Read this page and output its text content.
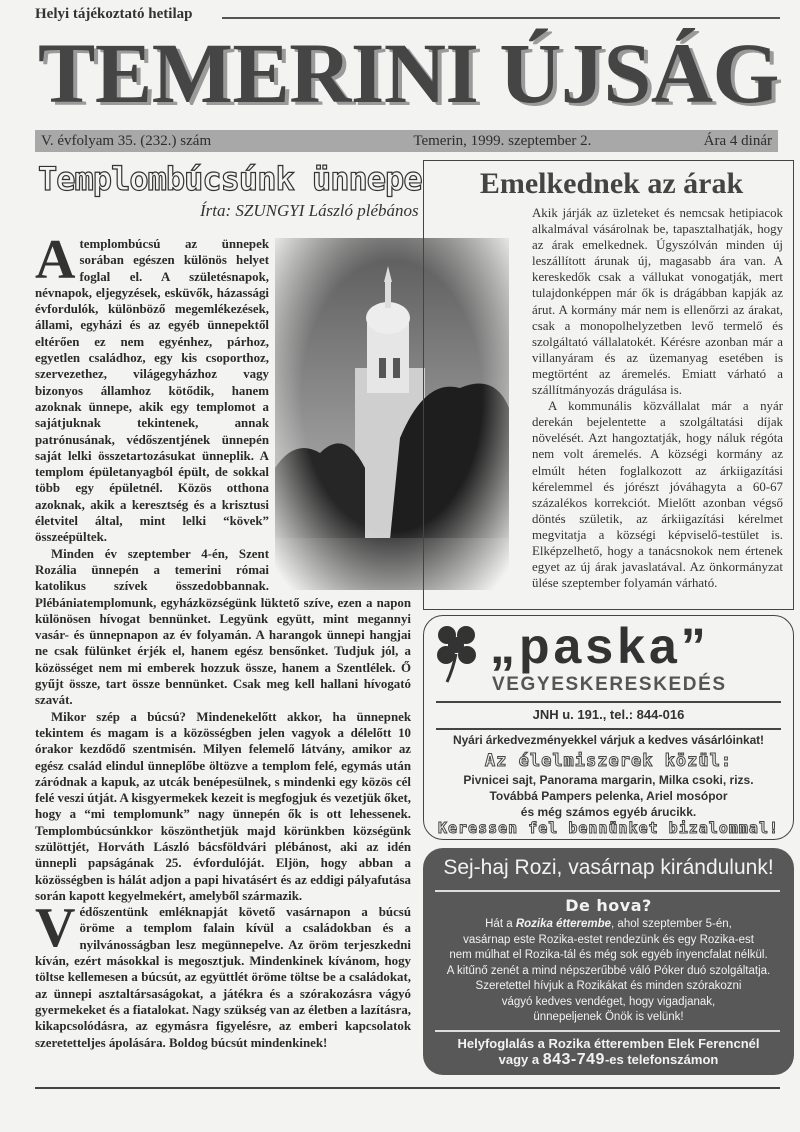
Helyi tájékoztató hetilap
TEMERINI ÚJSÁG
V. évfolyam 35. (232.) szám	Temerin, 1999. szeptember 2.	Ára 4 dinár
Templombúcsúnk ünnepe
Írta: SZUNGYI László plébános

Atemplombúcsú az ünnepek sorában egészen különös helyet foglal el. A születésnapok, névnapok, eljegyzések, esküvők, házassági évfordulók, különböző megemlékezések, állami, egyházi és az egyéb ünnepektől eltérően ez nem egyénhez, párhoz, egyetlen családhoz, egy kis csoporthoz, szervezethez, világegyházhoz vagy bizonyos államhoz kötődik, hanem azoknak ünnepe, akik egy templomot a sajátjuknak tekintenek, annak patrónusának, védőszentjének ünnepén saját lelki összetartozásukat ünneplik. A templom épületanyagból épült, de sokkal több egy épületnél. Közös otthona azoknak, akik a keresztség és a krisztusi életvitel által, mint lelki “kövek” összeépültek.

Minden év szeptember 4-én, Szent Rozália ünnepén a temerini római katolikus szívek összedobbannak. Plébániatemplomunk, egyházközségünk lüktető szíve, ezen a napon különösen hívogat bennünket. Legyünk együtt, mint megannyi vasár- és ünnepnapon az év folyamán. A harangok ünnepi hangjai ne csak fülünket érjék el, hanem egész bensőnket. Tudjuk jól, a közösséget nem mi emberek hozzuk össze, hanem a Szentlélek. Ő gyűjt össze, tart össze bennünket. Csak meg kell hallani hívogató szavát.

Mikor szép a búcsú? Mindenekelőtt akkor, ha ünnepnek tekintem és magam is a közösségben jelen vagyok a délelőtt 10 órakor kezdődő szentmisén. Milyen felemelő látvány, amikor az egész család elindul ünneplőbe öltözve a templom felé, egymás után záródnak a kapuk, az utcák benépesülnek, s mindenki egy közös cél felé veszi útját. A kisgyermekek kezeit is megfogjuk és vezetjük őket, hogy a “mi templomunk” nagy ünnepén ők is ott lehessenek. Templombúcsúnkkor köszönthetjük majd körünkben községünk szülöttjét, Horváth László bácsföldvári plébánost, aki az idén ünnepli papságának 25. évfordulóját. Eljön, hogy abban a közösségben is hálát adjon a papi hivatásért és az eddigi pályafutása során kapott kegyelmekért, amelyből származik.

Védőszentünk emléknapját követő vasárnapon a búcsú öröme a templom falain kívül a családokban és a nyilvánosságban lesz megünnepelve. Az öröm terjeszkedni kíván, ezért másokkal is megosztjuk. Mindenkinek kívánom, hogy töltse kellemesen a búcsút, az együttlét öröme töltse be a családokat, az ünnepi asztaltársaságokat, a játékra és a szórakozásra vágyó gyermekeket és a fiatalokat. Nagy szükség van az életben a lazításra, kikapcsolódásra, az egymásra figyelésre, az emberi kapcsolatok szeretetteljes ápolására. Boldog búcsút mindenkinek!

Emelkednek az árak

Akik járják az üzleteket és nemcsak hetipiacok alkalmával vásárolnak be, tapasztalhatják, hogy az árak emelkednek. Úgyszólván minden új leszállított árunak új, magasabb ára van. A kereskedők csak a vállukat vonogatják, mert tulajdonképpen már ők is drágábban kapják az árut. A kormány már nem is ellenőrzi az árakat, csak a monopolhelyzetben levő termelő és szolgáltató vállalatokét. Kérésre azonban már a villanyáram és az üzemanyag esetében is megtörtént az áremelés. Emiatt várható a szállítmányozás drágulása is.

A kommunális közvállalat már a nyár derekán bejelentette a szolgáltatási díjak növelését. Azt hangoztatják, hogy náluk régóta nem volt áremelés. A községi kormány az elmúlt héten foglalkozott az árkiigazítási kérelemmel és jórészt jóváhagyta a 60-67 százalékos korrekciót. Mielőtt azonban végső döntés születik, az árkiigazítási kérelmet megvitatja a községi képviselő-testület is. Elképzelhető, hogy a tanácsnokok nem értenek egyet az új árak javaslatával. Az önkormányzat ülése szeptember folyamán várható.

„paska”
VEGYESKERESKEDÉS
JNH u. 191., tel.: 844-016
Nyári árkedvezményekkel várjuk a kedves vásárlóinkat!
Az élelmiszerek közül:
Pivnicei sajt, Panorama margarin, Milka csoki, rizs.
Továbbá Pampers pelenka, Ariel mosópor
és még számos egyéb árucikk.
Keressen fel bennünket bizalommal!
Sej-haj Rozi, vasárnap kirándulunk!
De hova?
Hát a Rozika étterembe, ahol szeptember 5-én,
vasárnap este Rozika-estet rendezünk és egy Rozika-est
nem múlhat el Rozika-tál és még sok egyéb ínyencfalat nélkül.
A kitűnő zenét a mind népszerűbbé váló Póker duó szolgáltatja.
Szeretettel hívjuk a Rozikákat és minden szórakozni
vágyó kedves vendéget, hogy vigadjanak,
ünnepeljenek Önök is velünk!
Helyfoglalás a Rozika étteremben Elek Ferencnél
vagy a 843-749-es telefonszámon
